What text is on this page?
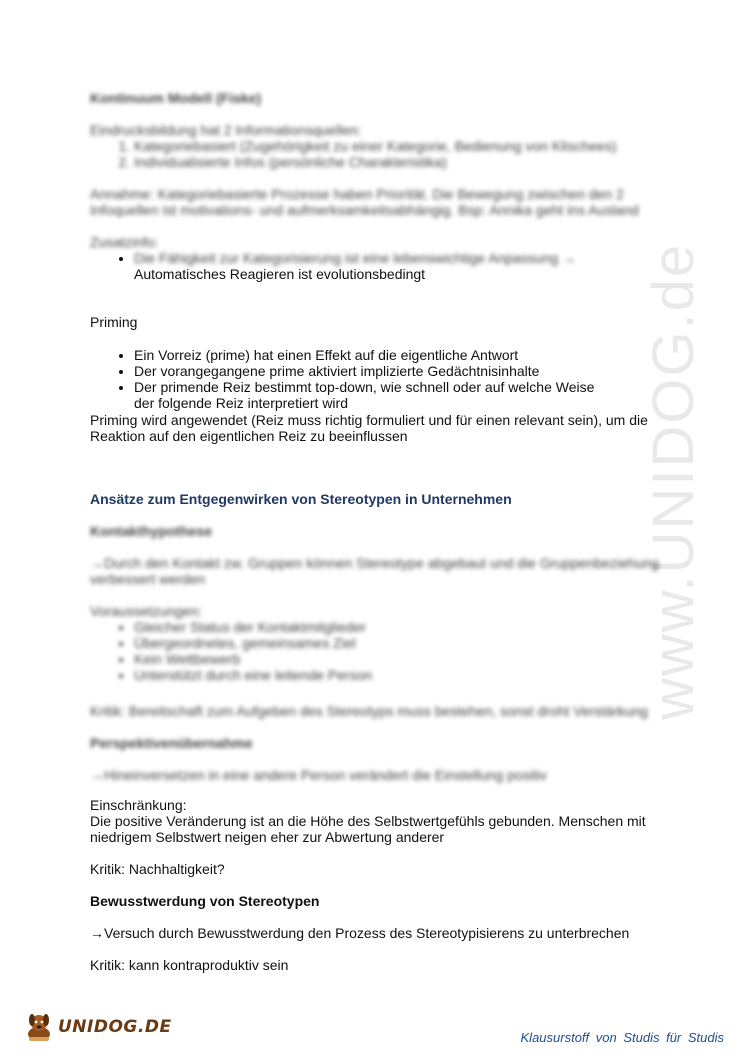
www.UNIDOG.de
Kontinuum Modell (Fiske)
Eindrucksbildung hat 2 Informationsquellen:
1. Kategoriebasiert (Zugehörigkeit zu einer Kategorie, Bedienung von Klischees)
2. Individualisierte Infos (persönliche Charakteristika)
Annahme: Kategoriebasierte Prozesse haben Priorität. Die Bewegung zwischen den 2 Infoquellen ist motivations- und aufmerksamkeitsabhängig. Bsp: Annika geht ins Ausland
Zusatzinfo:
• Die Fähigkeit zur Kategorisierung ist eine lebenswichtige Anpassung →
Automatisches Reagieren ist evolutionsbedingt
Priming
• Ein Vorreiz (prime) hat einen Effekt auf die eigentliche Antwort
• Der vorangegangene prime aktiviert implizierte Gedächtnisinhalte
• Der primende Reiz bestimmt top-down, wie schnell oder auf welche Weise der folgende Reiz interpretiert wird
Priming wird angewendet (Reiz muss richtig formuliert und für einen relevant sein), um die Reaktion auf den eigentlichen Reiz zu beeinflussen
Ansätze zum Entgegenwirken von Stereotypen in Unternehmen
Kontakthypothese
→Durch den Kontakt zw. Gruppen können Stereotype abgebaut und die Gruppenbeziehung verbessert werden
Voraussetzungen:
• Gleicher Status der Kontaktmitglieder
• Übergeordnetes, gemeinsames Ziel
• Kein Wettbewerb
• Unterstützt durch eine leitende Person
Kritik: Bereitschaft zum Aufgeben des Stereotyps muss bestehen, sonst droht Verstärkung
Perspektivenübernahme
→Hineinversetzen in eine andere Person verändert die Einstellung positiv
Einschränkung:
Die positive Veränderung ist an die Höhe des Selbstwertgefühls gebunden. Menschen mit niedrigem Selbstwert neigen eher zur Abwertung anderer
Kritik: Nachhaltigkeit?
Bewusstwerdung von Stereotypen
→Versuch durch Bewusstwerdung den Prozess des Stereotypisierens zu unterbrechen
Kritik: kann kontraproduktiv sein
UNIDOG.DE
Klausurstoff von Studis für Studis
